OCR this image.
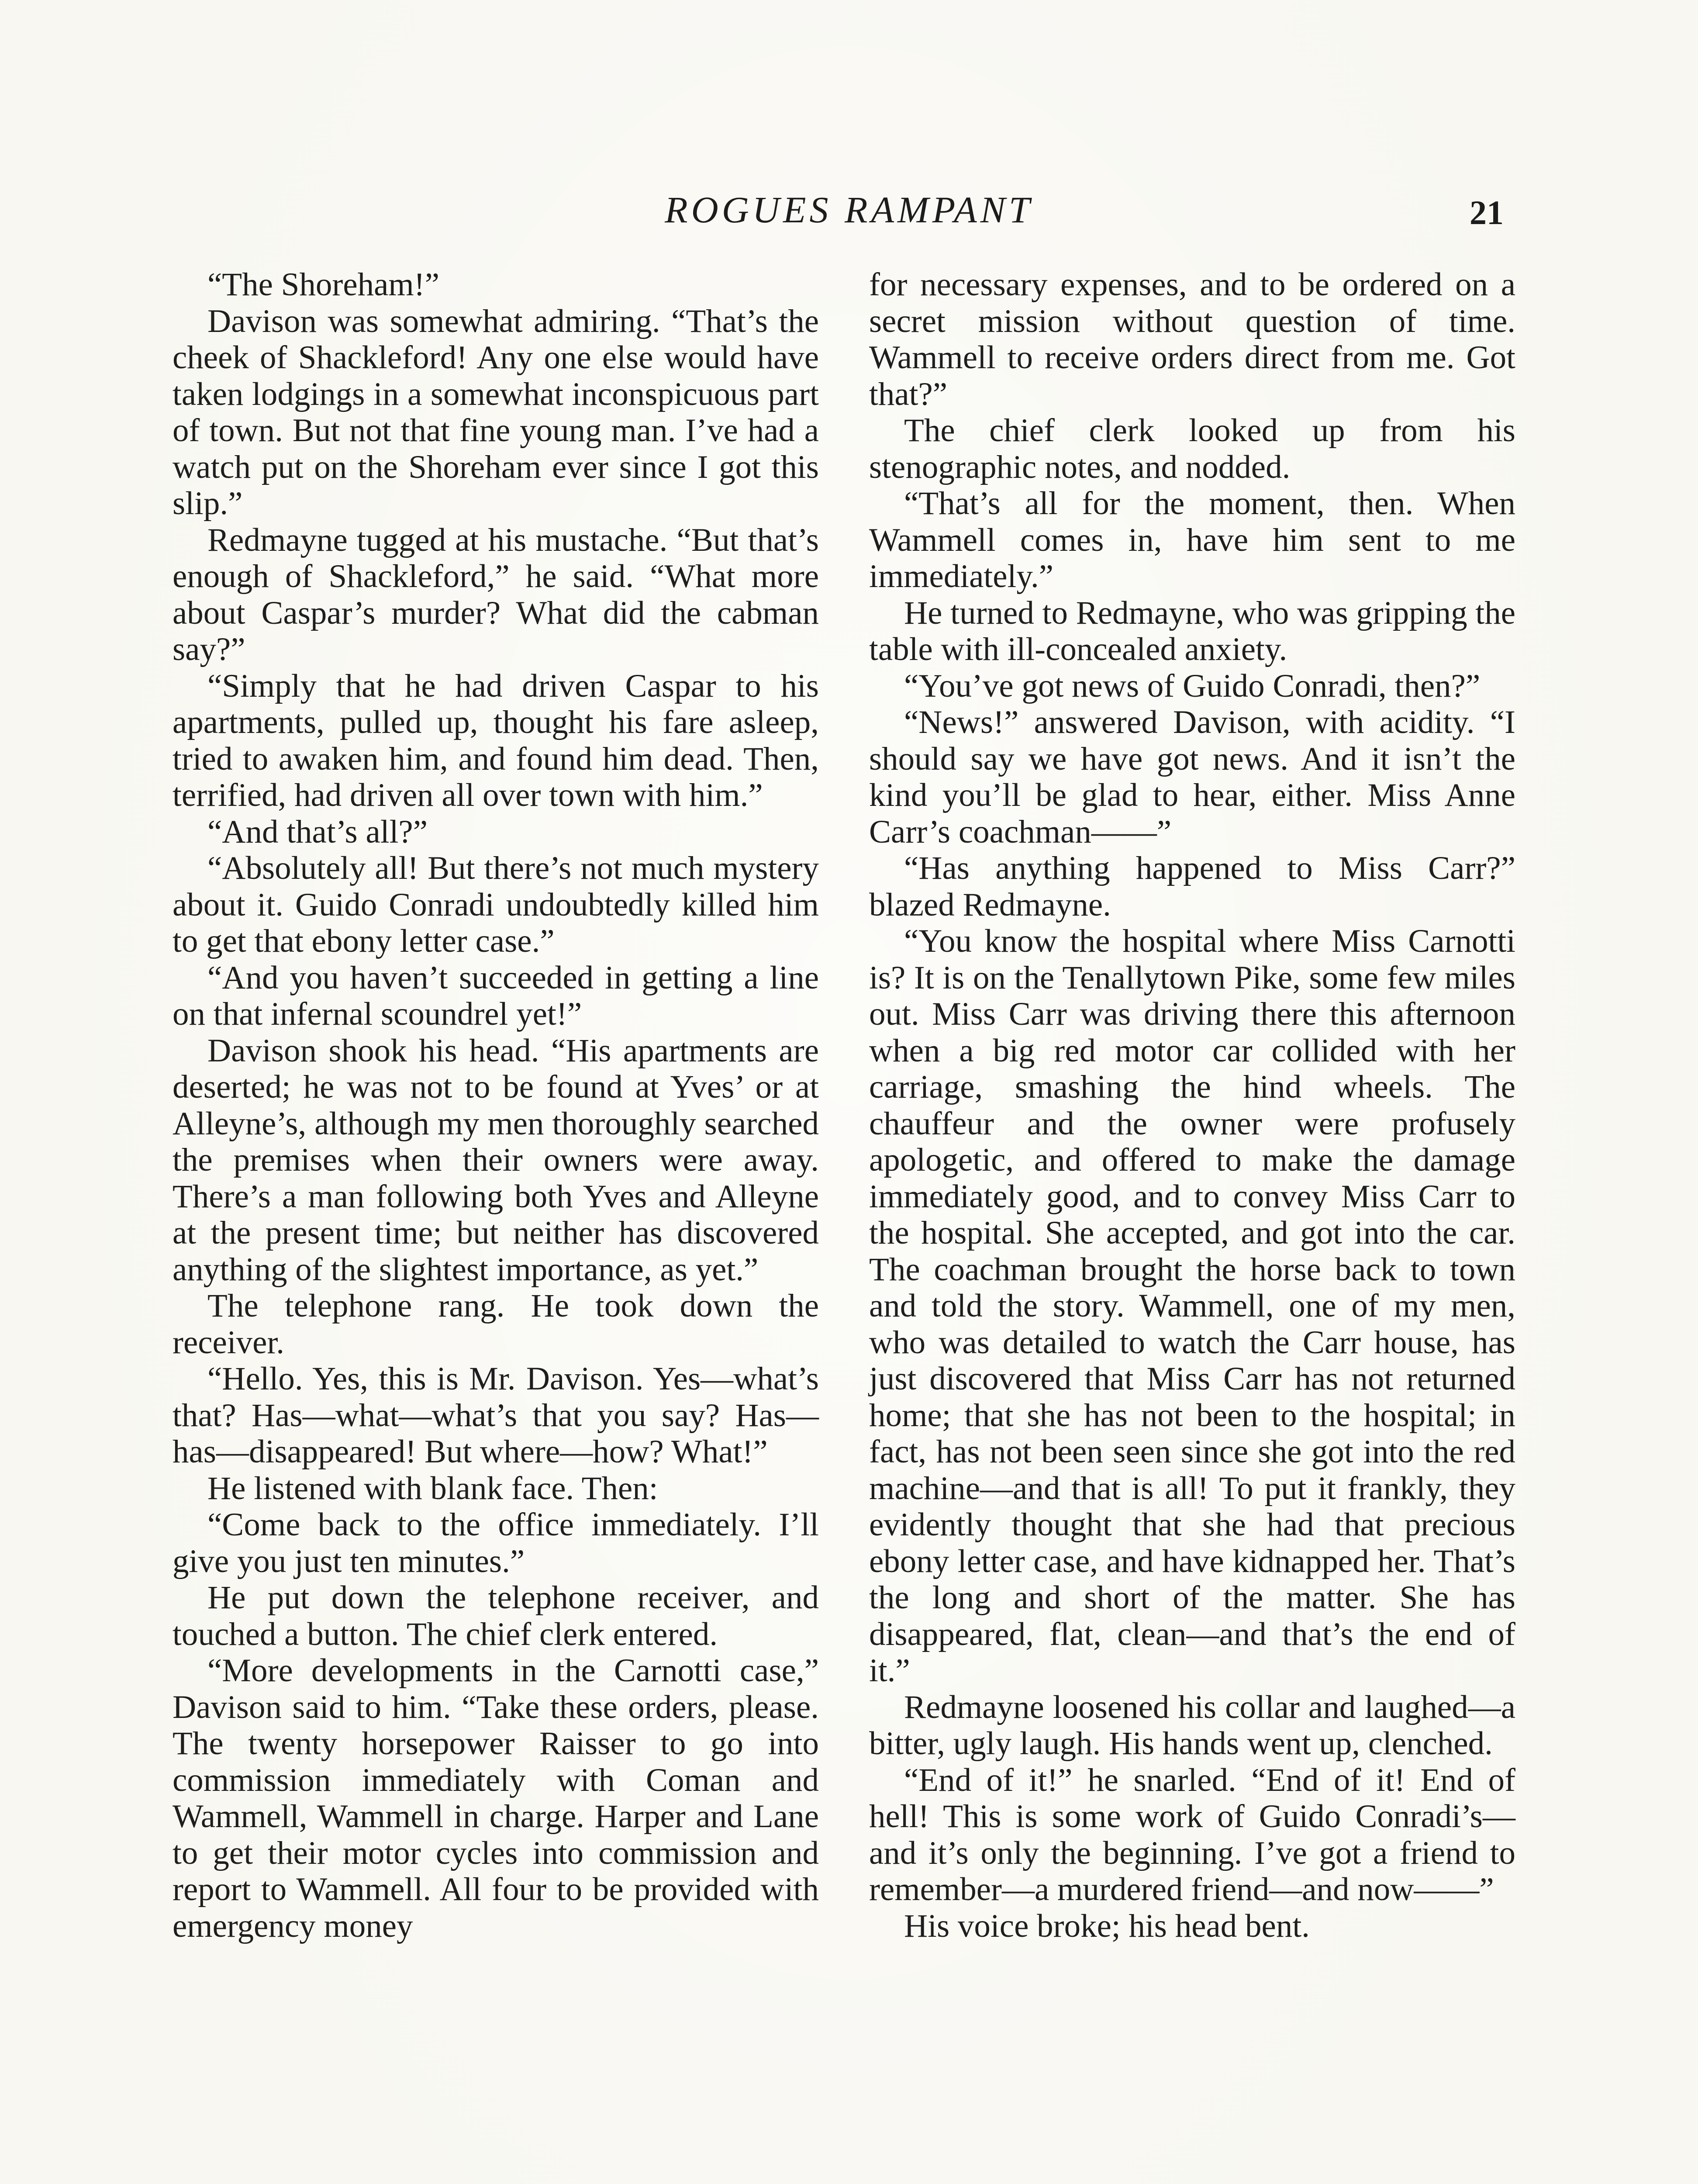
ROGUES RAMPANT	21

“The Shoreham!”

Davison was somewhat admiring. “That’s the cheek of Shackleford! Any one else would have taken lodgings in a somewhat inconspicuous part of town. But not that fine young man. I’ve had a watch put on the Shoreham ever since I got this slip.”

Redmayne tugged at his mustache. “But that’s enough of Shackleford,” he said. “What more about Caspar’s murder? What did the cabman say?”

“Simply that he had driven Caspar to his apartments, pulled up, thought his fare asleep, tried to awaken him, and found him dead. Then, terrified, had driven all over town with him.”

“And that’s all?”

“Absolutely all! But there’s not much mystery about it. Guido Conradi undoubtedly killed him to get that ebony letter case.”

“And you haven’t succeeded in getting a line on that infernal scoundrel yet!”

Davison shook his head. “His apartments are deserted; he was not to be found at Yves’ or at Alleyne’s, although my men thoroughly searched the premises when their owners were away. There’s a man following both Yves and Alleyne at the present time; but neither has discovered anything of the slightest importance, as yet.”

The telephone rang. He took down the receiver.

“Hello. Yes, this is Mr. Davison. Yes—what’s that? Has—what—what’s that you say? Has—has—disappeared! But where—how? What!”

He listened with blank face. Then:

“Come back to the office immediately. I’ll give you just ten minutes.”

He put down the telephone receiver, and touched a button. The chief clerk entered.

“More developments in the Carnotti case,” Davison said to him. “Take these orders, please. The twenty horsepower Raisser to go into commission immediately with Coman and Wammell, Wammell in charge. Harper and Lane to get their motor cycles into commission and report to Wammell. All four to be provided with emergency money

for necessary expenses, and to be ordered on a secret mission without question of time. Wammell to receive orders direct from me. Got that?”

The chief clerk looked up from his stenographic notes, and nodded.

“That’s all for the moment, then. When Wammell comes in, have him sent to me immediately.”

He turned to Redmayne, who was gripping the table with ill-concealed anxiety.

“You’ve got news of Guido Conradi, then?”

“News!” answered Davison, with acidity. “I should say we have got news. And it isn’t the kind you’ll be glad to hear, either. Miss Anne Carr’s coachman——”

“Has anything happened to Miss Carr?” blazed Redmayne.

“You know the hospital where Miss Carnotti is? It is on the Tenallytown Pike, some few miles out. Miss Carr was driving there this afternoon when a big red motor car collided with her carriage, smashing the hind wheels. The chauffeur and the owner were profusely apologetic, and offered to make the damage immediately good, and to convey Miss Carr to the hospital. She accepted, and got into the car. The coachman brought the horse back to town and told the story. Wammell, one of my men, who was detailed to watch the Carr house, has just discovered that Miss Carr has not returned home; that she has not been to the hospital; in fact, has not been seen since she got into the red machine—and that is all! To put it frankly, they evidently thought that she had that precious ebony letter case, and have kidnapped her. That’s the long and short of the matter. She has disappeared, flat, clean—and that’s the end of it.”

Redmayne loosened his collar and laughed—a bitter, ugly laugh. His hands went up, clenched.

“End of it!” he snarled. “End of it! End of hell! This is some work of Guido Conradi’s—and it’s only the beginning. I’ve got a friend to remember—a murdered friend—and now——”

His voice broke; his head bent.
